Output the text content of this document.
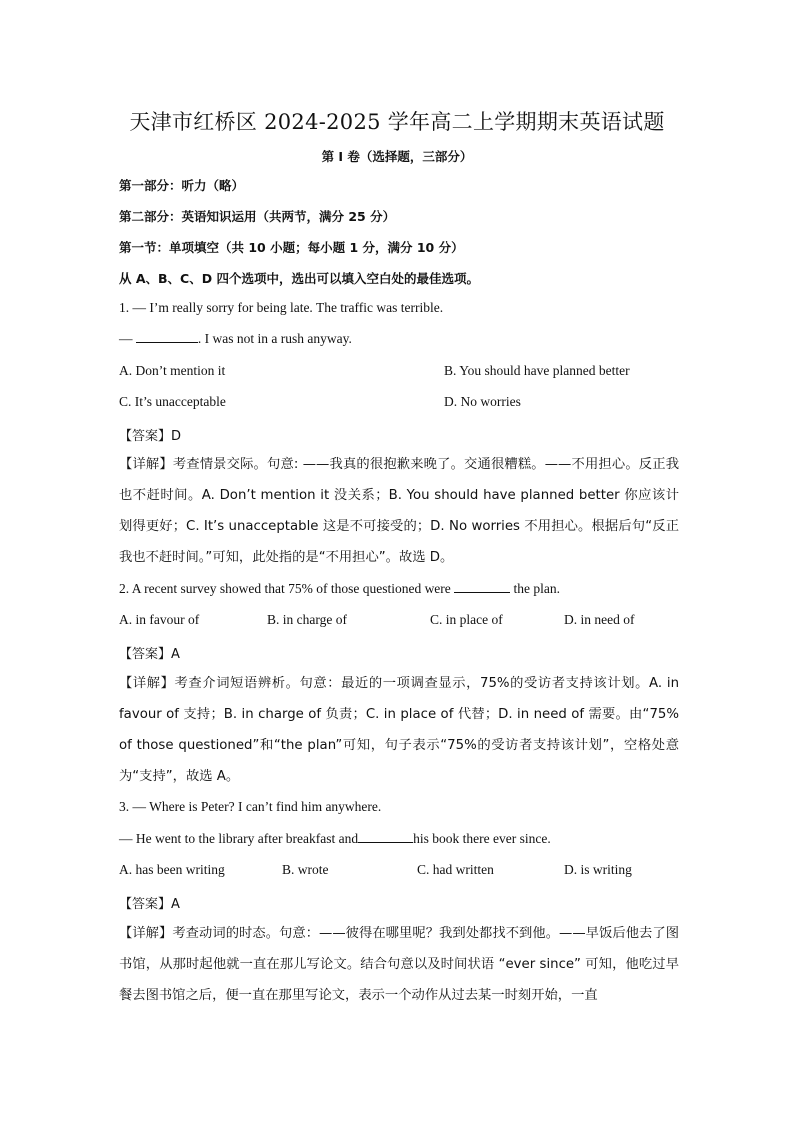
天津市红桥区 2024-2025 学年高二上学期期末英语试题
第 I 卷（选择题，三部分）
第一部分：听力（略）
第二部分：英语知识运用（共两节，满分 25 分）
第一节：单项填空（共 10 小题；每小题 1 分，满分 10 分）
从 A、B、C、D 四个选项中，选出可以填入空白处的最佳选项。
1. — I’m really sorry for being late. The traffic was terrible.
—	. I was not in a rush anyway.
A. Don’t mention it	B. You should have planned better
C. It’s unacceptable	D. No worries
【答案】D
【详解】考查情景交际。句意: ——我真的很抱歉来晚了。交通很糟糕。——不用担心。反正我也不赶时间。A. Don’t mention it 没关系；B. You should have planned better 你应该计划得更好；C. It’s unacceptable 这是不可接受的；D. No worries 不用担心。根据后句“反正我也不赶时间。”可知，此处指的是“不用担心”。故选 D。
2. A recent survey showed that 75% of those questioned were	the plan.
A. in favour of	B. in charge of	C. in place of	D. in need of
【答案】A
【详解】考查介词短语辨析。句意：最近的一项调查显示，75%的受访者支持该计划。A. in favour of 支持；B. in charge of 负责；C. in place of 代替；D. in need of 需要。由“75% of those questioned”和“the plan”可知，句子表示“75%的受访者支持该计划”，空格处意为“支持”，故选 A。
3. — Where is Peter? I can’t find him anywhere.
— He went to the library after breakfast and	his book there ever since.
A. has been writing	B. wrote	C. had written	D. is writing
【答案】A
【详解】考查动词的时态。句意：——彼得在哪里呢？我到处都找不到他。——早饭后他去了图书馆，从那时起他就一直在那儿写论文。结合句意以及时间状语 “ever since” 可知，他吃过早餐去图书馆之后，便一直在那里写论文，表示一个动作从过去某一时刻开始，一直
